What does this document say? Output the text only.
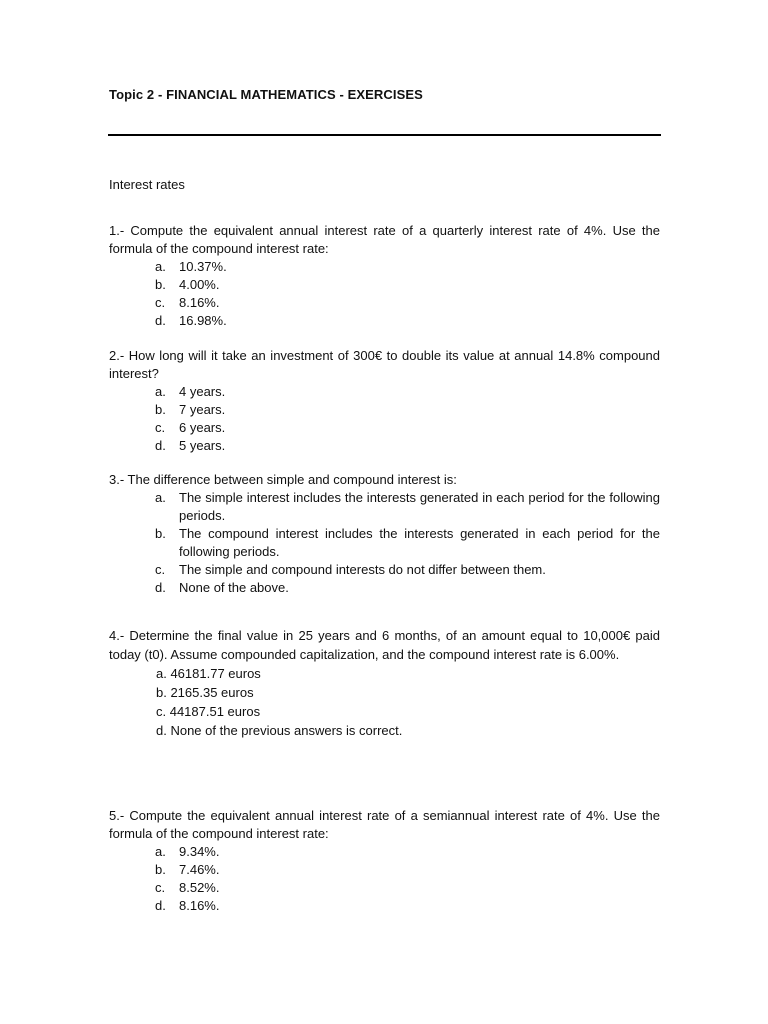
Topic 2 - FINANCIAL MATHEMATICS - EXERCISES
Interest rates
1.- Compute the equivalent annual interest rate of a quarterly interest rate of 4%. Use the formula of the compound interest rate:
a. 10.37%.
b. 4.00%.
c. 8.16%.
d. 16.98%.
2.- How long will it take an investment of 300€ to double its value at annual 14.8% compound interest?
a. 4 years.
b. 7 years.
c. 6 years.
d. 5 years.
3.- The difference between simple and compound interest is:
a. The simple interest includes the interests generated in each period for the following periods.
b. The compound interest includes the interests generated in each period for the following periods.
c. The simple and compound interests do not differ between them.
d. None of the above.
4.- Determine the final value in 25 years and 6 months, of an amount equal to 10,000€ paid today (t0). Assume compounded capitalization, and the compound interest rate is 6.00%.
a. 46181.77 euros
b. 2165.35 euros
c. 44187.51 euros
d. None of the previous answers is correct.
5.- Compute the equivalent annual interest rate of a semiannual interest rate of 4%. Use the formula of the compound interest rate:
a. 9.34%.
b. 7.46%.
c. 8.52%.
d. 8.16%.
